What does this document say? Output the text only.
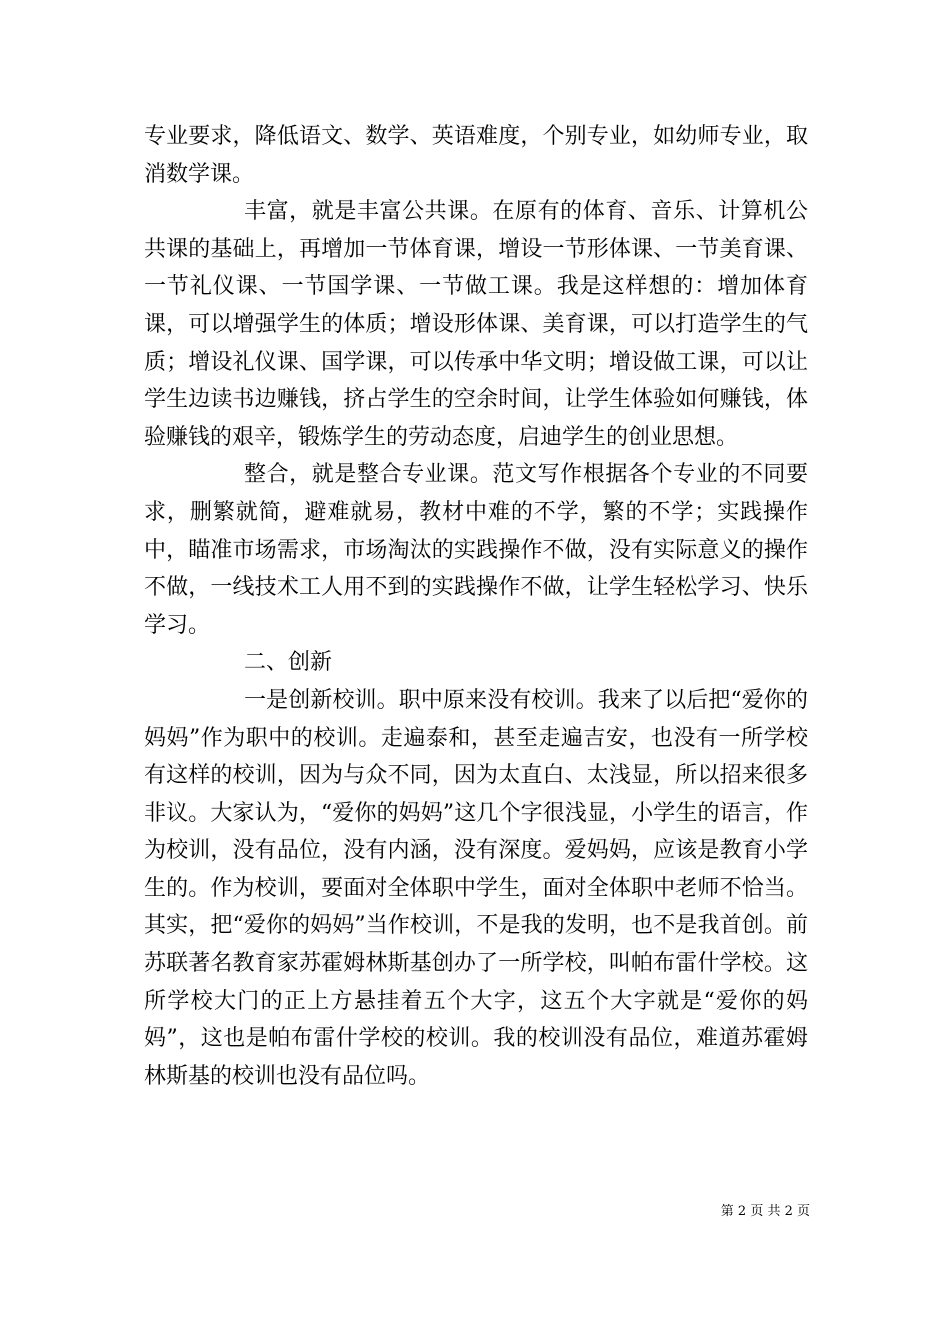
专业要求，降低语文、数学、英语难度，个别专业，如幼师专业，取消数学课。

丰富，就是丰富公共课。在原有的体育、音乐、计算机公共课的基础上，再增加一节体育课，增设一节形体课、一节美育课、一节礼仪课、一节国学课、一节做工课。我是这样想的：增加体育课，可以增强学生的体质；增设形体课、美育课，可以打造学生的气质；增设礼仪课、国学课，可以传承中华文明；增设做工课，可以让学生边读书边赚钱，挤占学生的空余时间，让学生体验如何赚钱，体验赚钱的艰辛，锻炼学生的劳动态度，启迪学生的创业思想。

整合，就是整合专业课。范文写作根据各个专业的不同要求，删繁就简，避难就易，教材中难的不学，繁的不学；实践操作中，瞄准市场需求，市场淘汰的实践操作不做，没有实际意义的操作不做，一线技术工人用不到的实践操作不做，让学生轻松学习、快乐学习。

二、创新

一是创新校训。职中原来没有校训。我来了以后把“爱你的妈妈”作为职中的校训。走遍泰和，甚至走遍吉安，也没有一所学校有这样的校训，因为与众不同，因为太直白、太浅显，所以招来很多非议。大家认为，“爱你的妈妈”这几个字很浅显，小学生的语言，作为校训，没有品位，没有内涵，没有深度。爱妈妈，应该是教育小学生的。作为校训，要面对全体职中学生，面对全体职中老师不恰当。其实，把“爱你的妈妈”当作校训，不是我的发明，也不是我首创。前苏联著名教育家苏霍姆林斯基创办了一所学校，叫帕布雷什学校。这所学校大门的正上方悬挂着五个大字，这五个大字就是“爱你的妈妈”，这也是帕布雷什学校的校训。我的校训没有品位，难道苏霍姆林斯基的校训也没有品位吗。

第 2 页 共 2 页
